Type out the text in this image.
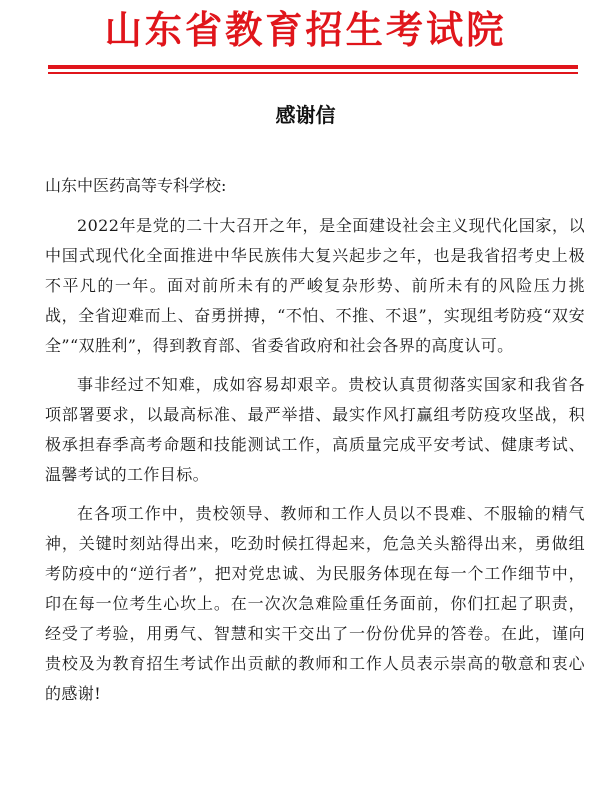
山东省教育招生考试院
感谢信

山东中医药高等专科学校:

2022年是党的二十大召开之年，是全面建设社会主义现代化国家，以中国式现代化全面推进中华民族伟大复兴起步之年，也是我省招考史上极不平凡的一年。面对前所未有的严峻复杂形势、前所未有的风险压力挑战，全省迎难而上、奋勇拼搏，“不怕、不推、不退”，实现组考防疫“双安全”“双胜利”，得到教育部、省委省政府和社会各界的高度认可。

事非经过不知难，成如容易却艰辛。贵校认真贯彻落实国家和我省各项部署要求，以最高标准、最严举措、最实作风打赢组考防疫攻坚战，积极承担春季高考命题和技能测试工作，高质量完成平安考试、健康考试、温馨考试的工作目标。

在各项工作中，贵校领导、教师和工作人员以不畏难、不服输的精气神，关键时刻站得出来，吃劲时候扛得起来，危急关头豁得出来，勇做组考防疫中的“逆行者”，把对党忠诚、为民服务体现在每一个工作细节中，印在每一位考生心坎上。在一次次急难险重任务面前，你们扛起了职责，经受了考验，用勇气、智慧和实干交出了一份份优异的答卷。在此，谨向贵校及为教育招生考试作出贡献的教师和工作人员表示崇高的敬意和衷心的感谢!
